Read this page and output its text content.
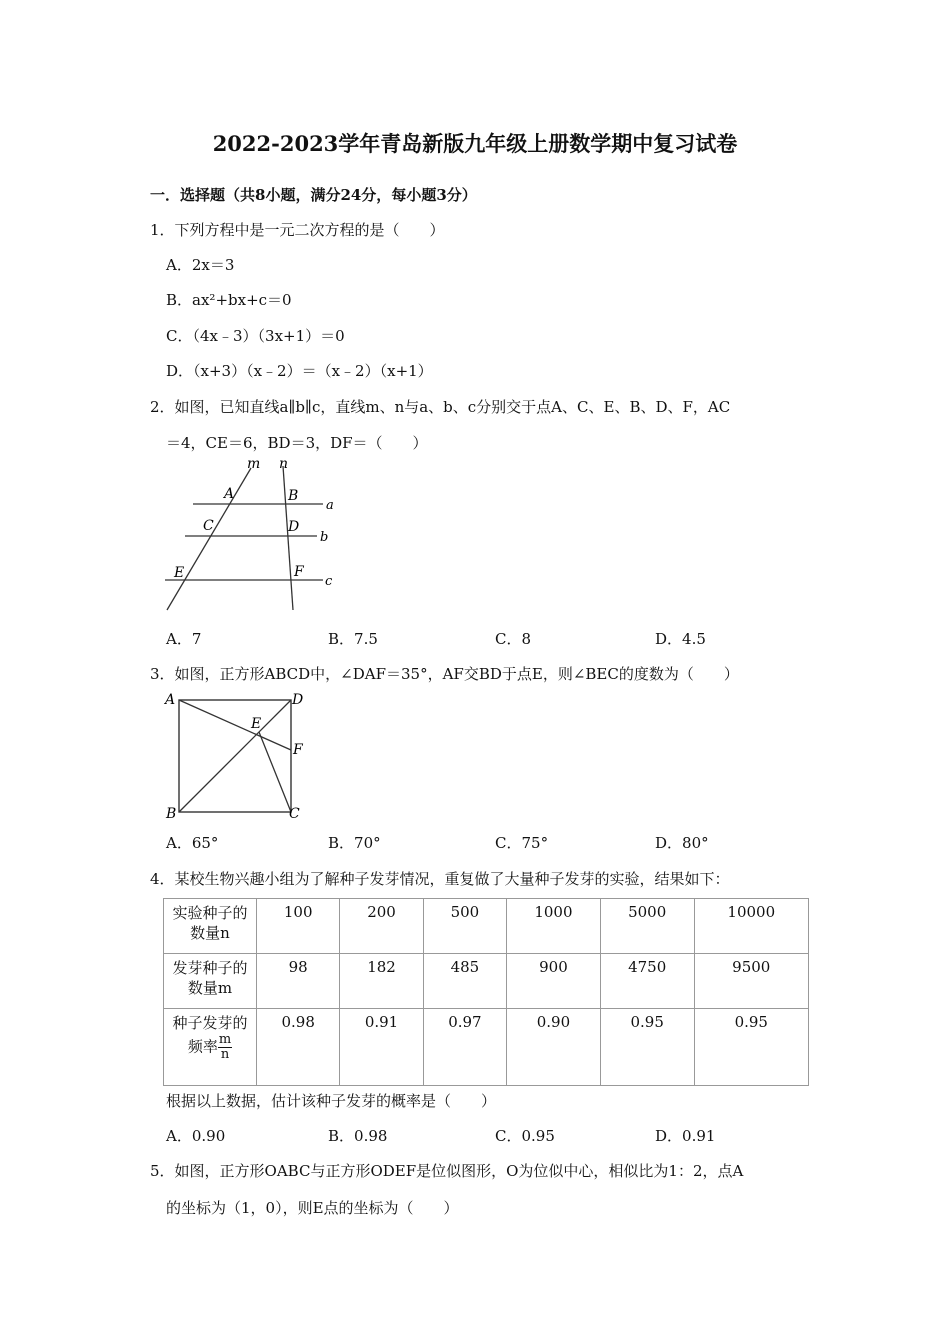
2022-2023学年青岛新版九年级上册数学期中复习试卷
一．选择题（共8小题，满分24分，每小题3分）
1．下列方程中是一元二次方程的是（　　）
A．2x＝3
B．ax²+bx+c＝0
C．（4x﹣3）（3x+1）＝0
D．（x+3）（x﹣2）＝（x﹣2）（x+1）
2．如图，已知直线a∥b∥c，直线m、n与a、b、c分别交于点A、C、E、B、D、F，AC
＝4，CE＝6，BD＝3，DF＝（　　）
m n
A	B
C	D
E	F
a
b
c
A．7	B．7.5	C．8	D．4.5
3．如图，正方形ABCD中，∠DAF＝35°，AF交BD于点E，则∠BEC的度数为（　　）
A	D
E
F
B	C
A．65°	B．70°	C．75°	D．80°
4．某校生物兴趣小组为了解种子发芽情况，重复做了大量种子发芽的实验，结果如下：
实验种子的
数量n	100	200	500	1000	5000	10000
发芽种子的
数量m	98	182	485	900	4750	9500
种子发芽的
频率 $\frac{m}{n}$	0.98	0.91	0.97	0.90	0.95	0.95
根据以上数据，估计该种子发芽的概率是（　　）
A．0.90	B．0.98	C．0.95	D．0.91
5．如图，正方形OABC与正方形ODEF是位似图形，O为位似中心，相似比为1：2，点A
的坐标为（1，0），则E点的坐标为（　　）
